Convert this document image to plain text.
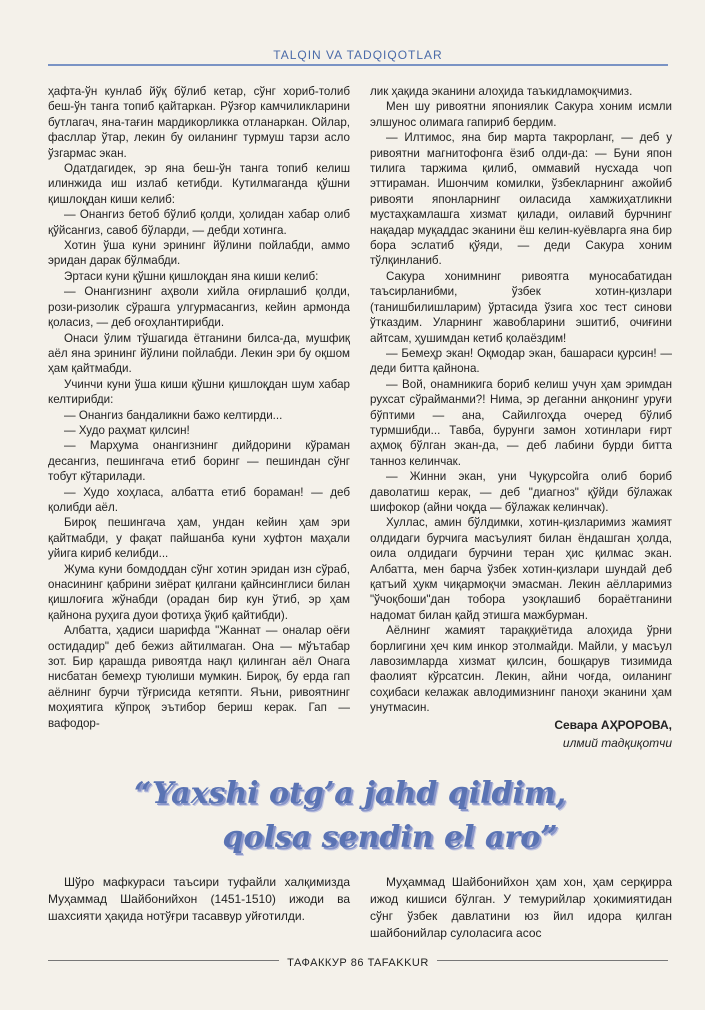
TALQIN VA TADQIQOTLAR

ҳафта-ўн кунлаб йўқ бўлиб кетар, сўнг хориб-толиб беш-ўн танга топиб қайтаркан. Рўзғор камчиликларини бутлагач, яна-тағин мардикорликка отланаркан. Ойлар, фасллар ўтар, лекин бу оиланинг турмуш тарзи асло ўзгармас экан.

Одатдагидек, эр яна беш-ўн танга топиб келиш илинжида иш излаб кетибди. Кутилмаганда қўшни қишлоқдан киши келиб:

— Онангиз бетоб бўлиб қолди, ҳолидан хабар олиб қўйсангиз, савоб бўларди, — дебди хотинга.

Хотин ўша куни эрининг йўлини пойлабди, аммо эридан дарак бўлмабди.

Эртаси куни қўшни қишлоқдан яна киши келиб:

— Онангизнинг аҳволи хийла оғирлашиб қолди, рози-ризолик сўрашга улгурмасангиз, кейин армонда қоласиз, — деб оғоҳлантирибди.

Онаси ўлим тўшагида ётганини билса-да, мушфиқ аёл яна эрининг йўлини пойлабди. Лекин эри бу оқшом ҳам қайтмабди.

Учинчи куни ўша киши қўшни қишлоқдан шум хабар келтирибди:

— Онангиз бандаликни бажо келтирди...

— Худо раҳмат қилсин!

— Марҳума онангизнинг дийдорини кўраман десангиз, пешингача етиб боринг — пешиндан сўнг тобут кўтарилади.

— Худо хоҳласа, албатта етиб бораман! — деб қолибди аёл.

Бироқ пешингача ҳам, ундан кейин ҳам эри қайтмабди, у фақат пайшанба куни хуфтон маҳали уйига кириб келибди...

Жума куни бомдоддан сўнг хотин эридан изн сўраб, онасининг қабрини зиёрат қилгани қайнсинглиси билан қишлоғига жўнабди (орадан бир кун ўтиб, эр ҳам қайнона руҳига дуои фотиҳа ўқиб қайтибди).

Албатта, ҳадиси шарифда "Жаннат — оналар оёғи остидадир" деб бежиз айтилмаган. Она — мўътабар зот. Бир қарашда ривоятда нақл қилинган аёл Онага нисбатан бемеҳр туюлиши мумкин. Бироқ, бу ерда гап аёлнинг бурчи тўғрисида кетяпти. Яъни, ривоятнинг моҳиятига кўпроқ эътибор бериш керак. Гап — вафодор-

лик ҳақида эканини алоҳида таъкидламоқчимиз.

Мен шу ривоятни япониялик Сакура хоним исмли элшунос олимага гапириб бердим.

— Илтимос, яна бир марта такрорланг, — деб у ривоятни магнитофонга ёзиб олди-да: — Буни япон тилига таржима қилиб, оммавий нусхада чоп эттираман. Ишончим комилки, ўзбекларнинг ажойиб ривояти японларнинг оиласида хамжиҳатликни мустаҳкамлашга хизмат қилади, оилавий бурчнинг нақадар муқаддас эканини ёш келин-куёвларга яна бир бора эслатиб қўяди, — деди Сакура хоним тўлқинланиб.

Сакура хонимнинг ривоятга муносабатидан таъсирланибми, ўзбек хотин-қизлари (танишбилишларим) ўртасида ўзига хос тест синови ўтказдим. Уларнинг жавобларини эшитиб, очиғини айтсам, ҳушимдан кетиб қолаёздим!

— Бемеҳр экан! Оқмодар экан, башараси қурсин! — деди битта қайнона.

— Вой, онамникига бориб келиш учун ҳам эримдан рухсат сўрайманми?! Нима, эр деганни анқонинг уруғи бўптими — ана, Сайилгоҳда очеред бўлиб турмшибди... Тавба, бурунги замон хотинлари ғирт аҳмоқ бўлган экан-да, — деб лабини бурди битта танноз келинчак.

— Жинни экан, уни Чуқурсойга олиб бориб даволатиш керак, — деб "диагноз" қўйди бўлажак шифокор (айни чоқда — бўлажак келинчак).

Хуллас, амин бўлдимки, хотин-қизларимиз жамият олдидаги бурчига масъулият билан ёндашган ҳолда, оила олдидаги бурчини теран ҳис қилмас экан. Албатта, мен барча ўзбек хотин-қизлари шундай деб қатъий ҳукм чиқармоқчи эмасман. Лекин аёлларимиз "ўчоқбоши"дан тобора узоқлашиб бораётганини надомат билан қайд этишга мажбурман.

Аёлнинг жамият тараққиётида алоҳида ўрни борлигини ҳеч ким инкор этолмайди. Майли, у масъул лавозимларда хизмат қилсин, бошқарув тизимида фаолият кўрсатсин. Лекин, айни чоғда, оиланинг соҳибаси келажак авлодимизнинг паноҳи эканини ҳам унутмасин.

Севара АҲРОРОВА,
илмий тадқиқотчи
“Yaxshi otg’a jahd qildim,
qolsa sendin el aro”
Шўро мафкураси таъсири туфайли халқимизда Муҳаммад Шайбонийхон (1451-1510) ижоди ва шахсияти ҳақида нотўғри тасаввур уйғотилди.
Муҳаммад Шайбонийхон ҳам хон, ҳам серқирра ижод кишиси бўлган. У темурийлар ҳокимиятидан сўнг ўзбек давлатини юз йил идора қилган шайбонийлар сулоласига асос
$^{ТАФАККУР 86 TAFAKKUR}$
